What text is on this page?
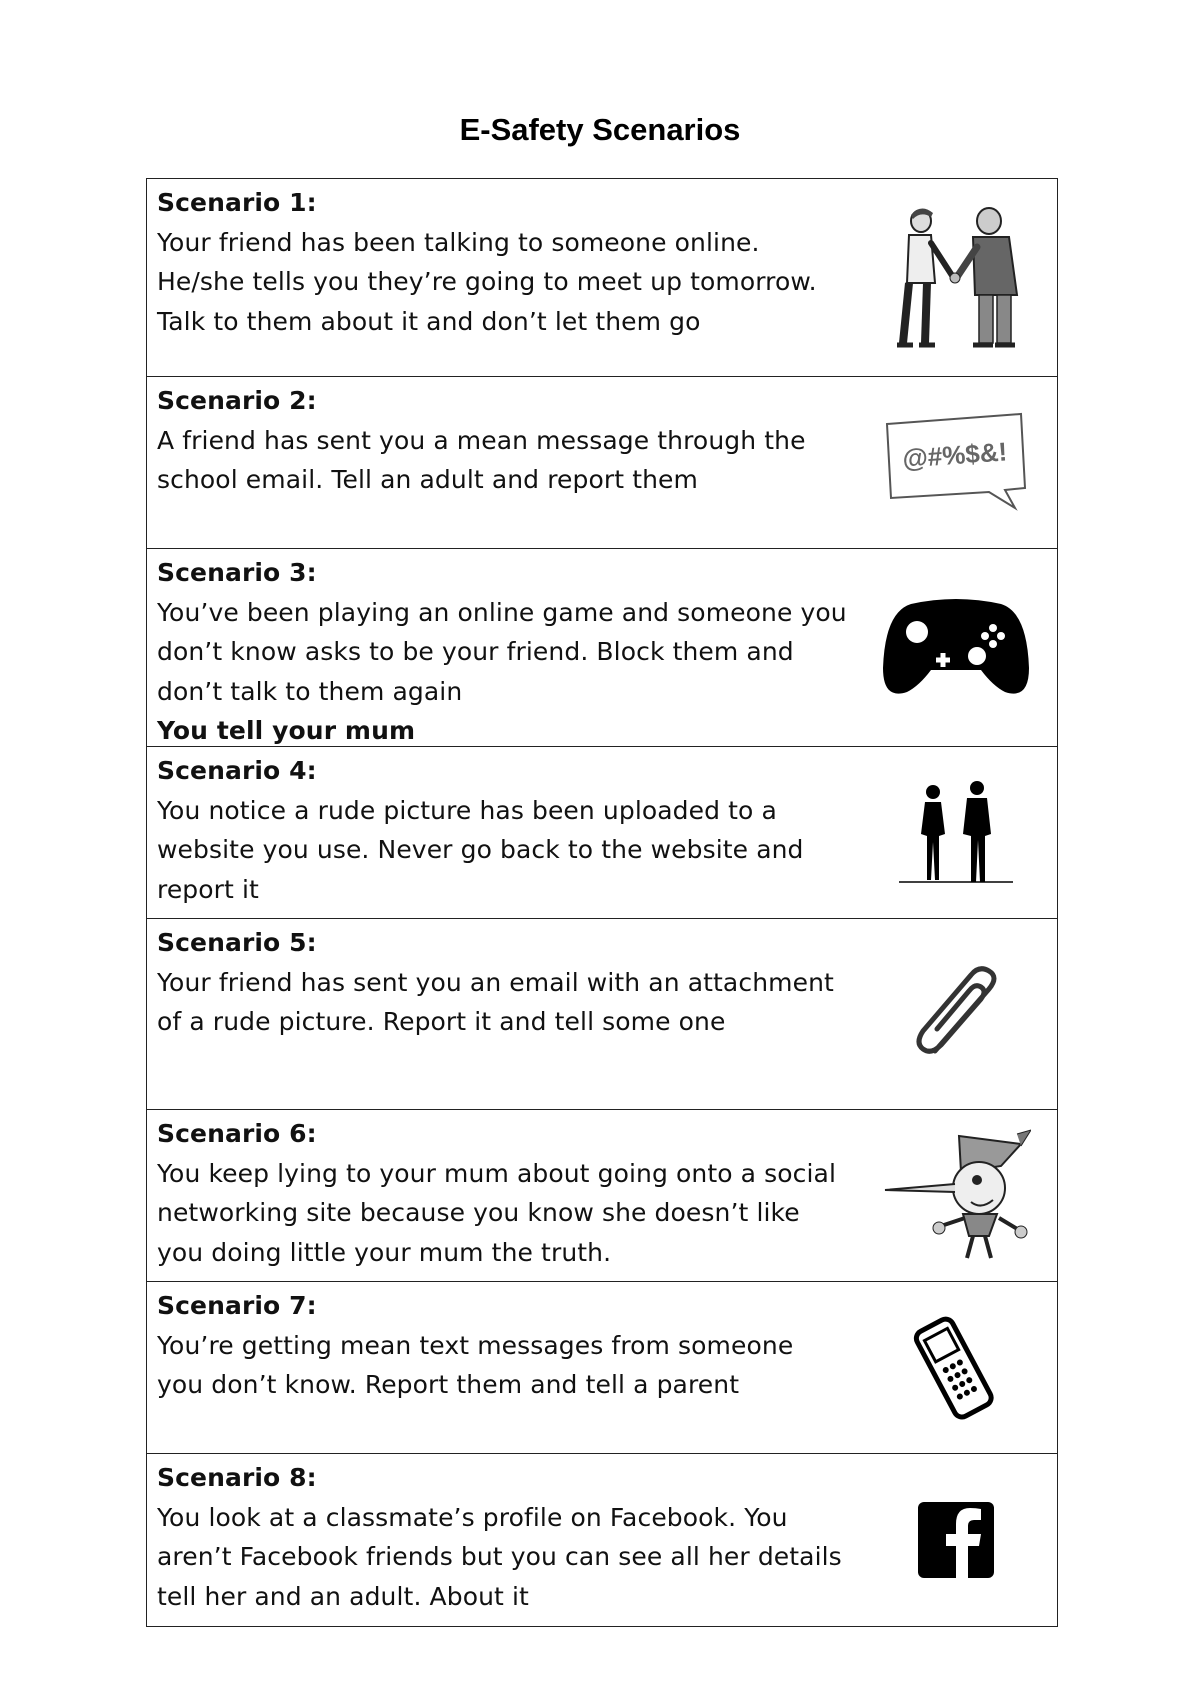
E-Safety Scenarios
Scenario 1:
Your friend has been talking to someone online. He/she tells you they’re going to meet up tomorrow. Talk to them about it and don’t let them go
Scenario 2:
A friend has sent you a mean message through the school email. Tell an adult and report them
@#%$&!
Scenario 3:
You’ve been playing an online game and someone you don’t know asks to be your friend. Block them and don’t talk to them again
You tell your mum
Scenario 4:
You notice a rude picture has been uploaded to a website you use. Never go back to the website and report it
Scenario 5:
Your friend has sent you an email with an attachment of a rude picture. Report it and tell some one
Scenario 6:
You keep lying to your mum about going onto a social networking site because you know she doesn’t like you doing little your mum the truth.
Scenario 7:
You’re getting mean text messages from someone you don’t know. Report them and tell a parent
Scenario 8:
You look at a classmate’s profile on Facebook. You aren’t Facebook friends but you can see all her details tell her and an adult. About it
